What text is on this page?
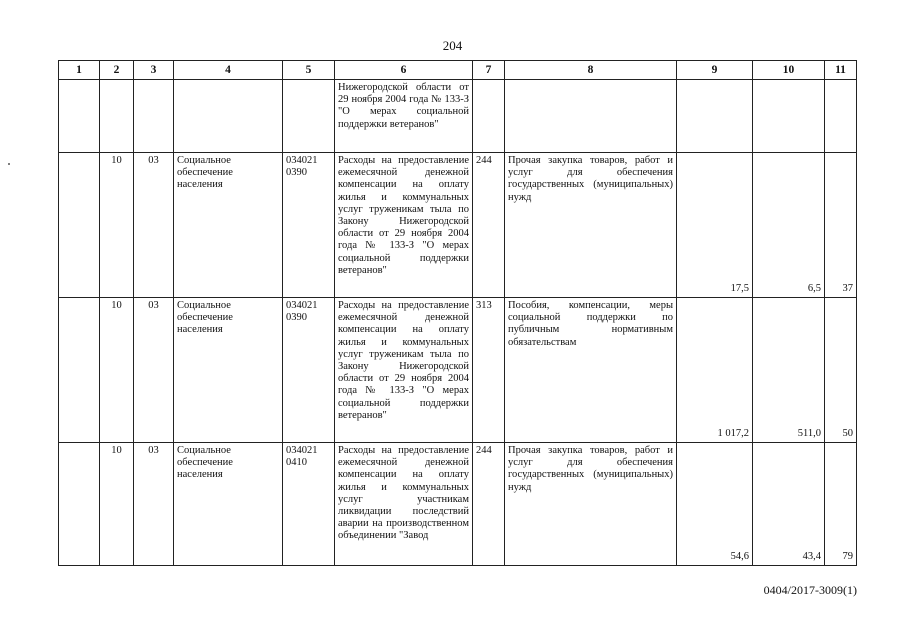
204
1	2	3	4	5	6	7	8	9	10	11
					Нижегородской области от 29 ноября 2004 года № 133-З "О мерах социальной поддержки ветеранов"					
	10	03	Социальное обеспечение населения	034021 0390	Расходы на предоставление ежемесячной денежной компенсации на оплату жилья и коммунальных услуг труженикам тыла по Закону Нижегородской области от 29 ноября 2004 года № 133-З "О мерах социальной поддержки ветеранов"	244	Прочая закупка товаров, работ и услуг для обеспечения государственных (муниципальных) нужд	17,5	6,5	37
	10	03	Социальное обеспечение населения	034021 0390	Расходы на предоставление ежемесячной денежной компенсации на оплату жилья и коммунальных услуг труженикам тыла по Закону Нижегородской области от 29 ноября 2004 года № 133-З "О мерах социальной поддержки ветеранов"	313	Пособия, компенсации, меры социальной поддержки по публичным нормативным обязательствам	1 017,2	511,0	50
	10	03	Социальное обеспечение населения	034021 0410	Расходы на предоставление ежемесячной денежной компенсации на оплату жилья и коммунальных услуг участникам ликвидации последствий аварии на производственном объединении "Завод	244	Прочая закупка товаров, работ и услуг для обеспечения государственных (муниципальных) нужд	54,6	43,4	79
0404/2017-3009(1)
